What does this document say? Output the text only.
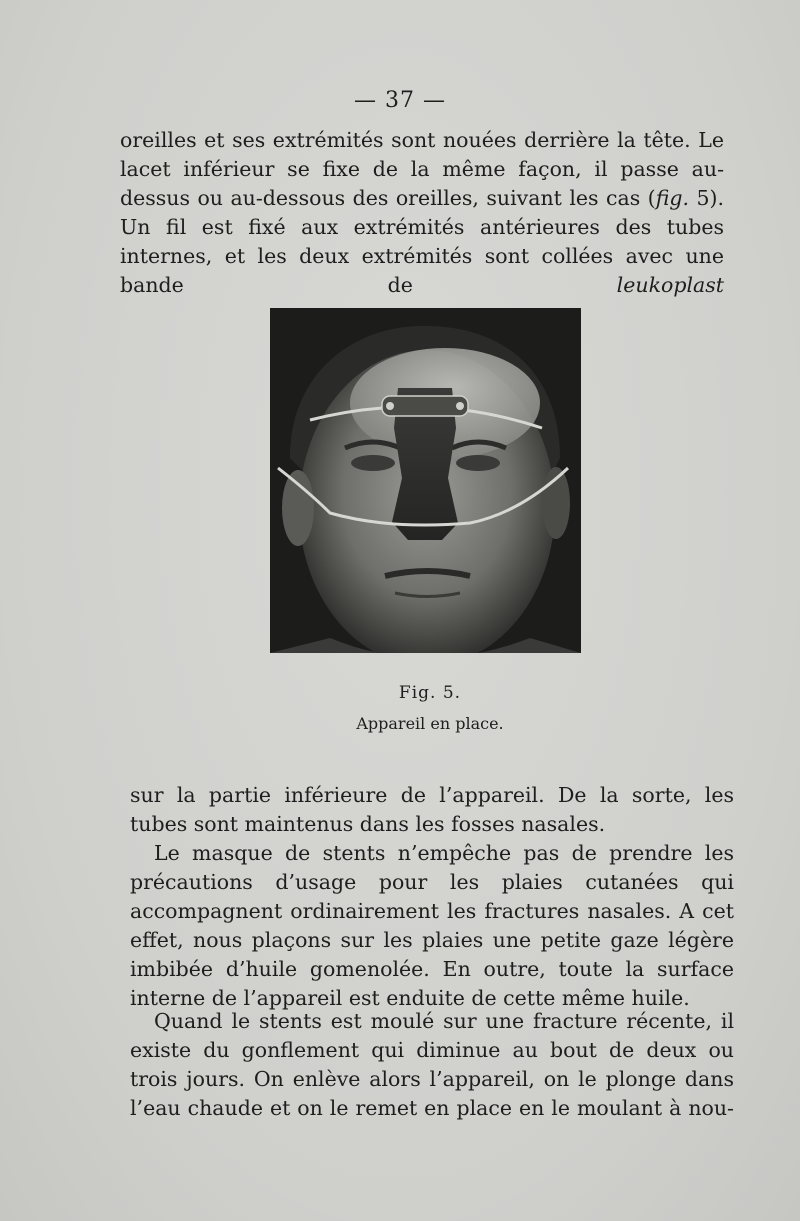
— 37 —

oreilles et ses extrémités sont nouées derrière la tête. Le lacet inférieur se fixe de la même façon, il passe au-dessus ou au-dessous des oreilles, suivant les cas (fig. 5). Un fil est fixé aux extrémités antérieures des tubes internes, et les deux extrémités sont collées avec une bande de leukoplast

Fig. 5.
Appareil en place.

sur la partie inférieure de l’appareil. De la sorte, les tubes sont maintenus dans les fosses nasales.

Le masque de stents n’empêche pas de prendre les précautions d’usage pour les plaies cutanées qui accompagnent ordinairement les fractures nasales. A cet effet, nous plaçons sur les plaies une petite gaze légère imbibée d’huile gomenolée. En outre, toute la surface interne de l’appareil est enduite de cette même huile.

Quand le stents est moulé sur une fracture récente, il existe du gonflement qui diminue au bout de deux ou trois jours. On enlève alors l’appareil, on le plonge dans l’eau chaude et on le remet en place en le moulant à nou-
